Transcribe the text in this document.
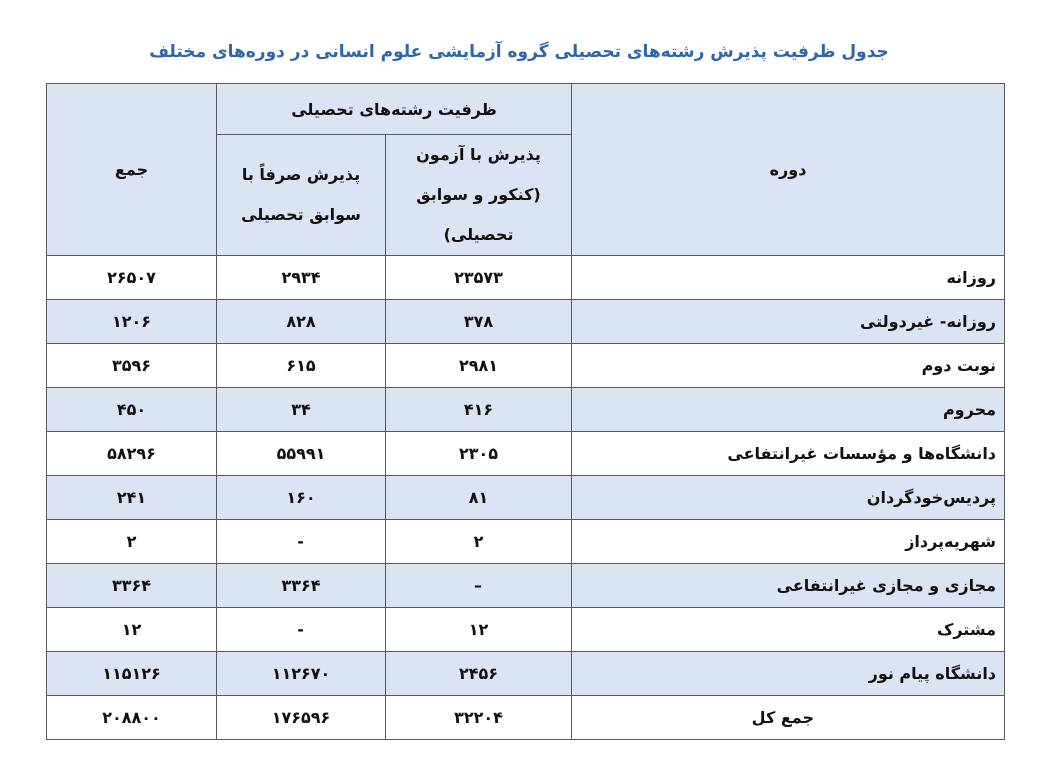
جدول ظرفیت پذیرش رشته‌های تحصیلی گروه آزمایشی علوم انسانی در دوره‌های مختلف
دوره	ظرفیت رشته‌های تحصیلی		جمع
	پذیرش با آزمون (کنکور و سوابق تحصیلی)	پذیرش صرفاً با سوابق تحصیلی	
روزانه	۲۳۵۷۳	۲۹۳۴	۲۶۵۰۷
روزانه- غیردولتی	۳۷۸	۸۲۸	۱۲۰۶
نوبت دوم	۲۹۸۱	۶۱۵	۳۵۹۶
محروم	۴۱۶	۳۴	۴۵۰
دانشگاه‌ها و مؤسسات غیرانتفاعی	۲۳۰۵	۵۵۹۹۱	۵۸۲۹۶
پردیس‌خودگردان	۸۱	۱۶۰	۲۴۱
شهریه‌پرداز	۲	-	۲
مجازی و مجازی غیرانتفاعی	–	۳۳۶۴	۳۳۶۴
مشترک	۱۲	-	۱۲
دانشگاه پیام نور	۲۴۵۶	۱۱۲۶۷۰	۱۱۵۱۲۶
جمع کل	۳۲۲۰۴	۱۷۶۵۹۶	۲۰۸۸۰۰
